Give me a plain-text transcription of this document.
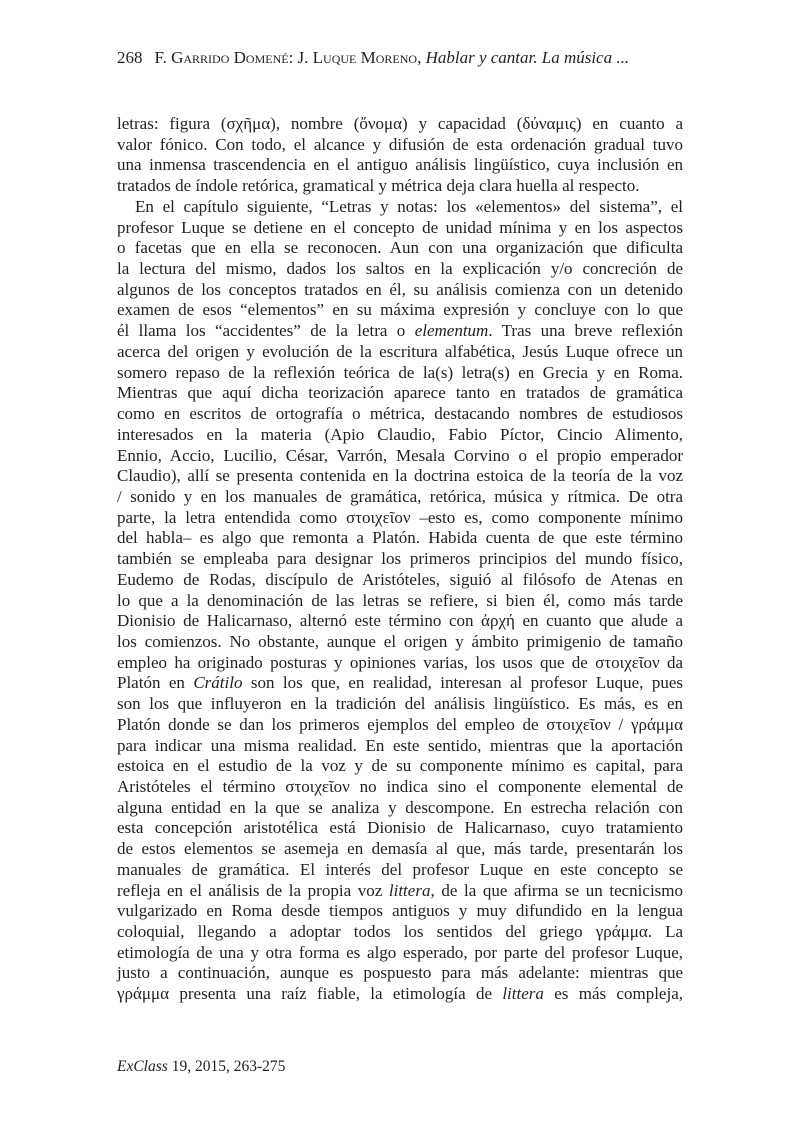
268 F. Garrido Domené: J. Luque Moreno, Hablar y cantar. La música ...
letras: figura (σχῆμα), nombre (ὄνομα) y capacidad (δύναμις) en cuanto a
valor fónico. Con todo, el alcance y difusión de esta ordenación gradual tuvo
una inmensa trascendencia en el antiguo análisis lingüístico, cuya inclusión en
tratados de índole retórica, gramatical y métrica deja clara huella al respecto.
En el capítulo siguiente, “Letras y notas: los «elementos» del sistema”, el
profesor Luque se detiene en el concepto de unidad mínima y en los aspectos
o facetas que en ella se reconocen. Aun con una organización que dificulta
la lectura del mismo, dados los saltos en la explicación y/o concreción de
algunos de los conceptos tratados en él, su análisis comienza con un detenido
examen de esos “elementos” en su máxima expresión y concluye con lo que
él llama los “accidentes” de la letra o elementum. Tras una breve reflexión
acerca del origen y evolución de la escritura alfabética, Jesús Luque ofrece un
somero repaso de la reflexión teórica de la(s) letra(s) en Grecia y en Roma.
Mientras que aquí dicha teorización aparece tanto en tratados de gramática
como en escritos de ortografía o métrica, destacando nombres de estudiosos
interesados en la materia (Apio Claudio, Fabio Píctor, Cincio Alimento,
Ennio, Accio, Lucilio, César, Varrón, Mesala Corvino o el propio emperador
Claudio), allí se presenta contenida en la doctrina estoica de la teoría de la voz
/ sonido y en los manuales de gramática, retórica, música y rítmica. De otra
parte, la letra entendida como στοιχεῖον –esto es, como componente mínimo
del habla– es algo que remonta a Platón. Habida cuenta de que este término
también se empleaba para designar los primeros principios del mundo físico,
Eudemo de Rodas, discípulo de Aristóteles, siguió al filósofo de Atenas en
lo que a la denominación de las letras se refiere, si bien él, como más tarde
Dionisio de Halicarnaso, alternó este término con ἀρχή en cuanto que alude a
los comienzos. No obstante, aunque el origen y ámbito primigenio de tamaño
empleo ha originado posturas y opiniones varias, los usos que de στοιχεῖον da
Platón en Crátilo son los que, en realidad, interesan al profesor Luque, pues
son los que influyeron en la tradición del análisis lingüístico. Es más, es en
Platón donde se dan los primeros ejemplos del empleo de στοιχεῖον / γράμμα
para indicar una misma realidad. En este sentido, mientras que la aportación
estoica en el estudio de la voz y de su componente mínimo es capital, para
Aristóteles el término στοιχεῖον no indica sino el componente elemental de
alguna entidad en la que se analiza y descompone. En estrecha relación con
esta concepción aristotélica está Dionisio de Halicarnaso, cuyo tratamiento
de estos elementos se asemeja en demasía al que, más tarde, presentarán los
manuales de gramática. El interés del profesor Luque en este concepto se
refleja en el análisis de la propia voz littera, de la que afirma se un tecnicismo
vulgarizado en Roma desde tiempos antiguos y muy difundido en la lengua
coloquial, llegando a adoptar todos los sentidos del griego γράμμα. La
etimología de una y otra forma es algo esperado, por parte del profesor Luque,
justo a continuación, aunque es pospuesto para más adelante: mientras que
γράμμα presenta una raíz fiable, la etimología de littera es más compleja,
ExClass 19, 2015, 263-275
